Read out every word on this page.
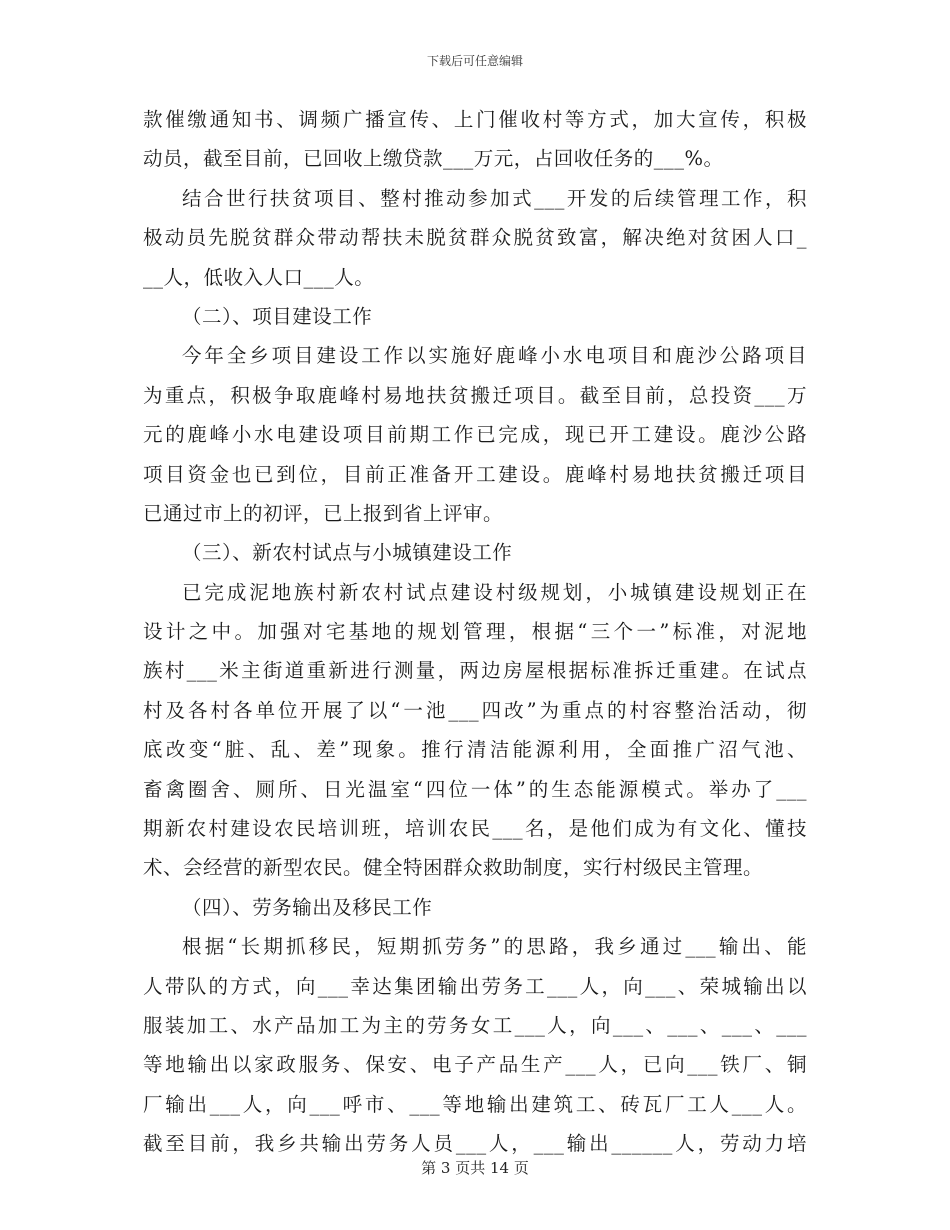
下载后可任意编辑
款催缴通知书、调频广播宣传、上门催收村等方式，加大宣传，积极
动员，截至目前，已回收上缴贷款___万元，占回收任务的___%。
结合世行扶贫项目、整村推动参加式___开发的后续管理工作，积
极动员先脱贫群众带动帮扶未脱贫群众脱贫致富，解决绝对贫困人口_
__人，低收入人口___人。
（二）、项目建设工作
今年全乡项目建设工作以实施好鹿峰小水电项目和鹿沙公路项目
为重点，积极争取鹿峰村易地扶贫搬迁项目。截至目前，总投资___万
元的鹿峰小水电建设项目前期工作已完成，现已开工建设。鹿沙公路
项目资金也已到位，目前正准备开工建设。鹿峰村易地扶贫搬迁项目
已通过市上的初评，已上报到省上评审。
（三）、新农村试点与小城镇建设工作
已完成泥地族村新农村试点建设村级规划，小城镇建设规划正在
设计之中。加强对宅基地的规划管理，根据“三个一”标准，对泥地
族村___米主街道重新进行测量，两边房屋根据标准拆迁重建。在试点
村及各村各单位开展了以“一池___四改”为重点的村容整治活动，彻
底改变“脏、乱、差”现象。推行清洁能源利用，全面推广沼气池、
畜禽圈舍、厕所、日光温室“四位一体”的生态能源模式。举办了___
期新农村建设农民培训班，培训农民___名，是他们成为有文化、懂技
术、会经营的新型农民。健全特困群众救助制度，实行村级民主管理。
（四）、劳务输出及移民工作
根据“长期抓移民，短期抓劳务”的思路，我乡通过___输出、能
人带队的方式，向___幸达集团输出劳务工___人，向___、荣城输出以
服装加工、水产品加工为主的劳务女工___人，向___、___、___、___
等地输出以家政服务、保安、电子产品生产___人，已向___铁厂、铜
厂输出___人，向___呼市、___等地输出建筑工、砖瓦厂工人___人。
截至目前，我乡共输出劳务人员___人，___输出______人，劳动力培
第 3 页共 14 页
